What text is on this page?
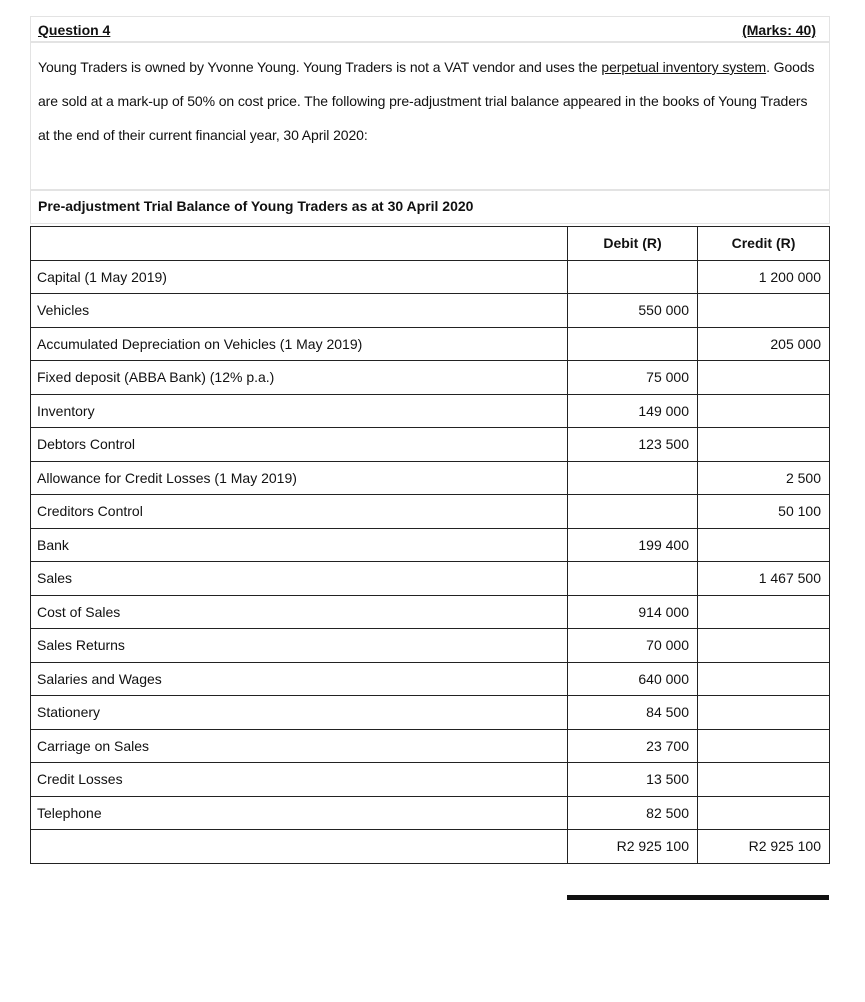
Question 4	(Marks: 40)
Young Traders is owned by Yvonne Young. Young Traders is not a VAT vendor and uses the perpetual inventory system. Goods are sold at a mark-up of 50% on cost price. The following pre-adjustment trial balance appeared in the books of Young Traders at the end of their current financial year, 30 April 2020:
Pre-adjustment Trial Balance of Young Traders as at 30 April 2020
	Debit (R)	Credit (R)
Capital (1 May 2019)		1 200 000
Vehicles	550 000	
Accumulated Depreciation on Vehicles (1 May 2019)		205 000
Fixed deposit (ABBA Bank) (12% p.a.)	75 000	
Inventory	149 000	
Debtors Control	123 500	
Allowance for Credit Losses (1 May 2019)		2 500
Creditors Control		50 100
Bank	199 400	
Sales		1 467 500
Cost of Sales	914 000	
Sales Returns	70 000	
Salaries and Wages	640 000	
Stationery	84 500	
Carriage on Sales	23 700	
Credit Losses	13 500	
Telephone	82 500	
	R2 925 100	R2 925 100
